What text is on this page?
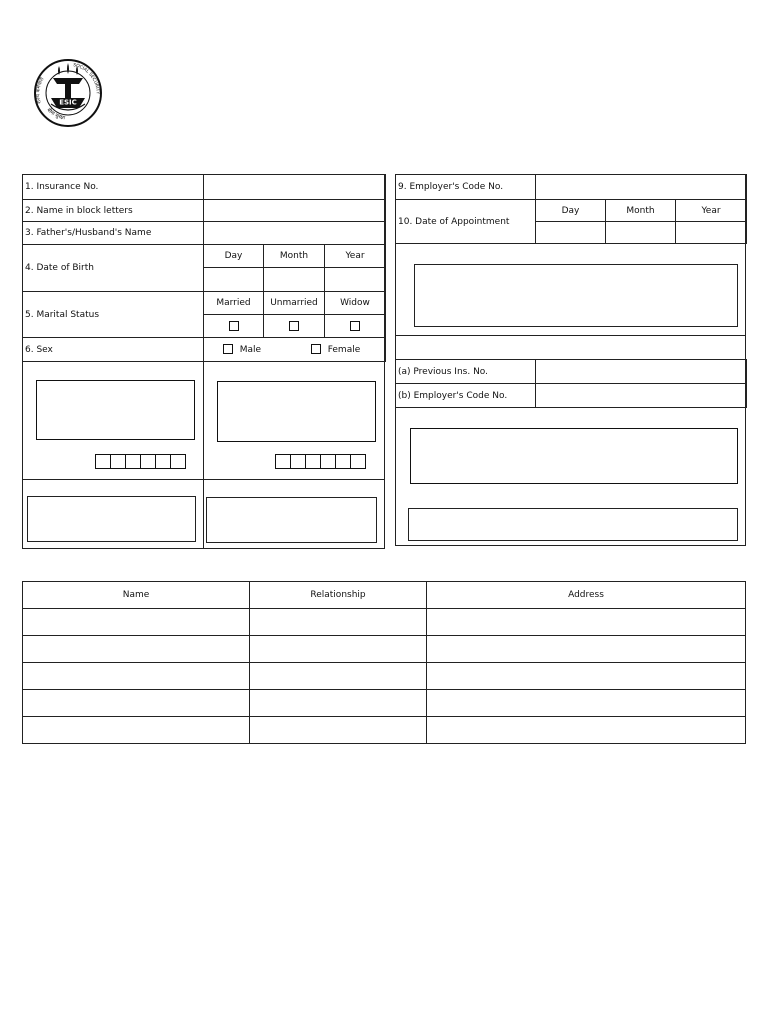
ESIC
राज्य कर्मचारी
SOCIAL SECURITY
बीमा सुरक्षा
1. Insurance No.			
2. Name in block letters			
3. Father's/Husband's Name			
4. Date of Birth	Day	Month	Year

5. Marital Status	Married	Unmarried	Widow

6. Sex	Male Female		
9. Employer's Code No.			
10. Date of Appointment	Day	Month	Year

(a) Previous Ins. No.	
(b) Employer's Code No.	
Name	Relationship	Address
